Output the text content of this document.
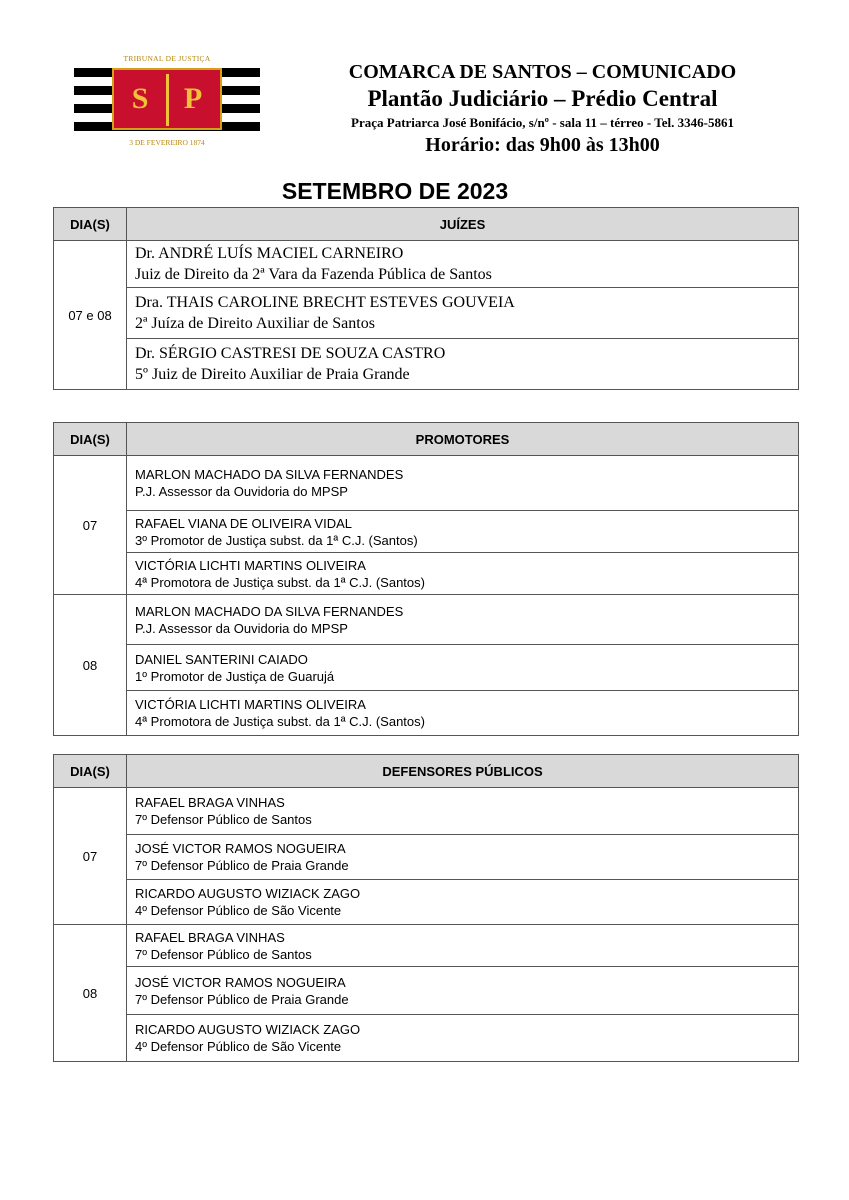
TRIBUNAL DE JUSTIÇA
S P
3 DE FEVEREIRO 1874
COMARCA DE SANTOS – COMUNICADO
Plantão Judiciário – Prédio Central
Praça Patriarca José Bonifácio, s/nº - sala 11 – térreo - Tel. 3346-5861
Horário: das 9h00 às 13h00
SETEMBRO DE 2023
DIA(S)	JUÍZES
07 e 08	Dr. ANDRÉ LUÍS MACIEL CARNEIRO
Juiz de Direito da 2ª Vara da Fazenda Pública de Santos

	Dra. THAIS CAROLINE BRECHT ESTEVES GOUVEIA
2ª Juíza de Direito Auxiliar de Santos

	Dr. SÉRGIO CASTRESI DE SOUZA CASTRO
5º Juiz de Direito Auxiliar de Praia Grande
DIA(S)	PROMOTORES
07	MARLON MACHADO DA SILVA FERNANDES
P.J. Assessor da Ouvidoria do MPSP

	RAFAEL VIANA DE OLIVEIRA VIDAL
3º Promotor de Justiça subst. da 1ª C.J. (Santos)

	VICTÓRIA LICHTI MARTINS OLIVEIRA
4ª Promotora de Justiça subst. da 1ª C.J. (Santos)

08	MARLON MACHADO DA SILVA FERNANDES
P.J. Assessor da Ouvidoria do MPSP

	DANIEL SANTERINI CAIADO
1º Promotor de Justiça de Guarujá

	VICTÓRIA LICHTI MARTINS OLIVEIRA
4ª Promotora de Justiça subst. da 1ª C.J. (Santos)
DIA(S)	DEFENSORES PÚBLICOS
07	RAFAEL BRAGA VINHAS
7º Defensor Público de Santos

	JOSÉ VICTOR RAMOS NOGUEIRA
7º Defensor Público de Praia Grande

	RICARDO AUGUSTO WIZIACK ZAGO
4º Defensor Público de São Vicente

08	RAFAEL BRAGA VINHAS
7º Defensor Público de Santos

	JOSÉ VICTOR RAMOS NOGUEIRA
7º Defensor Público de Praia Grande

	RICARDO AUGUSTO WIZIACK ZAGO
4º Defensor Público de São Vicente
